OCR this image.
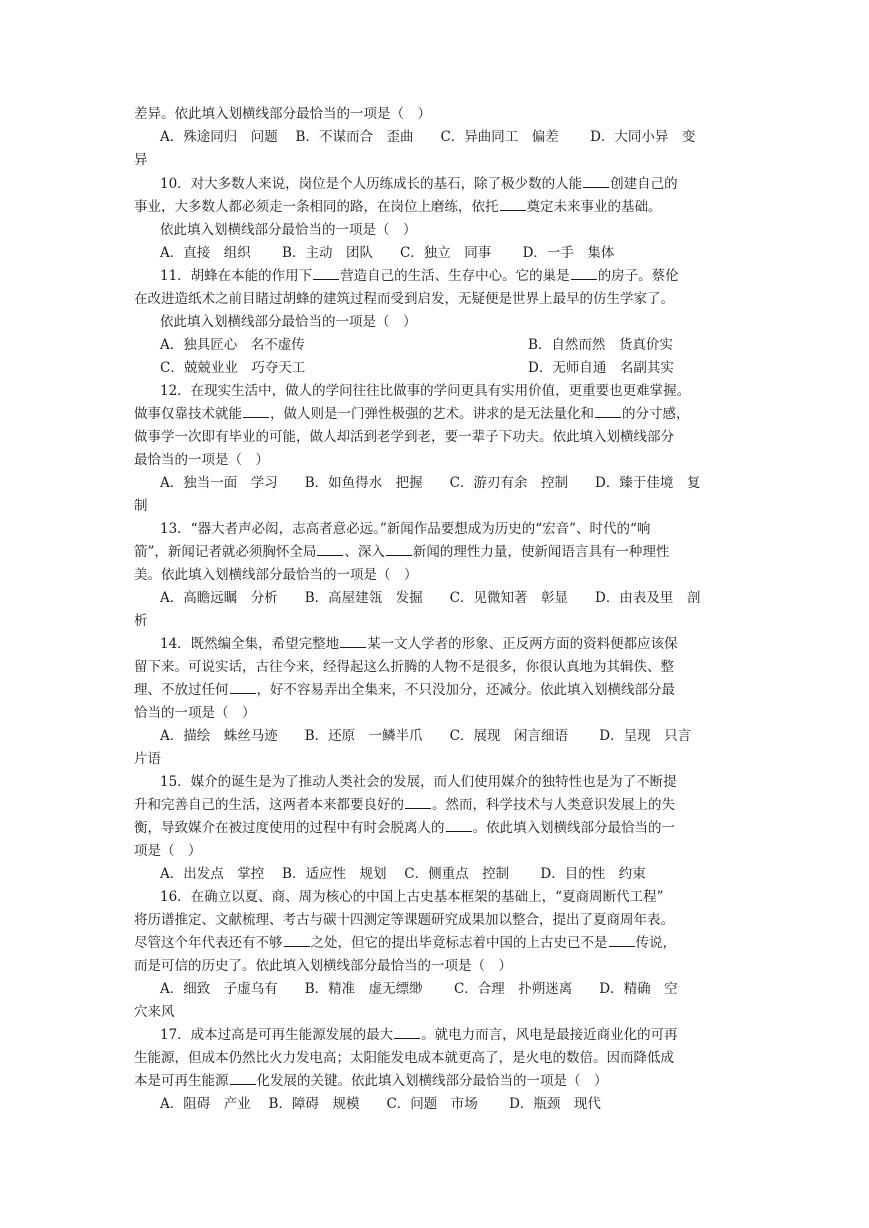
差异。依此填入划横线部分最恰当的一项是（　）
A．殊途同归　问题　 B．不谋而合　歪曲　　C．异曲同工　偏差　　 D．大同小异　变
异
10．对大多数人来说，岗位是个人历练成长的基石，除了极少数的人能 创建自己的
事业，大多数人都必须走一条相同的路，在岗位上磨练，依托 奠定未来事业的基础。
依此填入划横线部分最恰当的一项是（　）
A．直接　组织　　 B．主动　团队　　C．独立　同事　　 D．一手　集体
11．胡蜂在本能的作用下 营造自己的生活、生存中心。它的巢是 的房子。蔡伦
在改进造纸术之前目睹过胡蜂的建筑过程而受到启发，无疑便是世界上最早的仿生学家了。
依此填入划横线部分最恰当的一项是（　）
A．独具匠心　名不虚传	B．自然而然　货真价实
C．兢兢业业　巧夺天工	D．无师自通　名副其实
12．在现实生活中，做人的学问往往比做事的学问更具有实用价值，更重要也更难掌握。
做事仅靠技术就能 ，做人则是一门弹性极强的艺术。讲求的是无法量化和 的分寸感，
做事学一次即有毕业的可能，做人却活到老学到老，要一辈子下功夫。依此填入划横线部分
最恰当的一项是（　）
A．独当一面　学习　　B．如鱼得水　把握　　C．游刃有余　控制　　D．臻于佳境　复
制
13．“器大者声必闳，志高者意必远。”新闻作品要想成为历史的“宏音”、时代的“响
箭”，新闻记者就必须胸怀全局 、深入 新闻的理性力量，使新闻语言具有一种理性
美。依此填入划横线部分最恰当的一项是（　）
A．高瞻远瞩　分析　　B．高屋建瓴　发掘　　C．见微知著　彰显　　D．由表及里　剖
析
14．既然编全集，希望完整地 某一文人学者的形象、正反两方面的资料便都应该保
留下来。可说实话，古往今来，经得起这么折腾的人物不是很多，你很认真地为其辑佚、整
理、不放过任何 ，好不容易弄出全集来，不只没加分，还减分。依此填入划横线部分最
恰当的一项是（　）
A．描绘　蛛丝马迹　　B．还原　一鳞半爪　　C．展现　闲言细语　　 D．呈现　只言
片语
15．媒介的诞生是为了推动人类社会的发展，而人们使用媒介的独特性也是为了不断提
升和完善自己的生活，这两者本来都要良好的 。然而，科学技术与人类意识发展上的失
衡，导致媒介在被过度使用的过程中有时会脱离人的 。依此填入划横线部分最恰当的一
项是（　）
A．出发点　掌控　 B．适应性　规划　 C．侧重点　控制　　 D．目的性　约束
16．在确立以夏、商、周为核心的中国上古史基本框架的基础上，“夏商周断代工程”
将历谱推定、文献梳理、考古与碳十四测定等课题研究成果加以整合，提出了夏商周年表。
尽管这个年代表还有不够 之处，但它的提出毕竟标志着中国的上古史已不是 传说，
而是可信的历史了。依此填入划横线部分最恰当的一项是（　）
A．细致　子虚乌有　　B．精准　虚无缥缈　　 C．合理　扑朔迷离　　D．精确　空
穴来风
17．成本过高是可再生能源发展的最大 。就电力而言，风电是最接近商业化的可再
生能源，但成本仍然比火力发电高；太阳能发电成本就更高了，是火电的数倍。因而降低成
本是可再生能源 化发展的关键。依此填入划横线部分最恰当的一项是（　）
A．阻碍　产业　 B．障碍　规模　　C．问题　市场　　 D．瓶颈　现代
